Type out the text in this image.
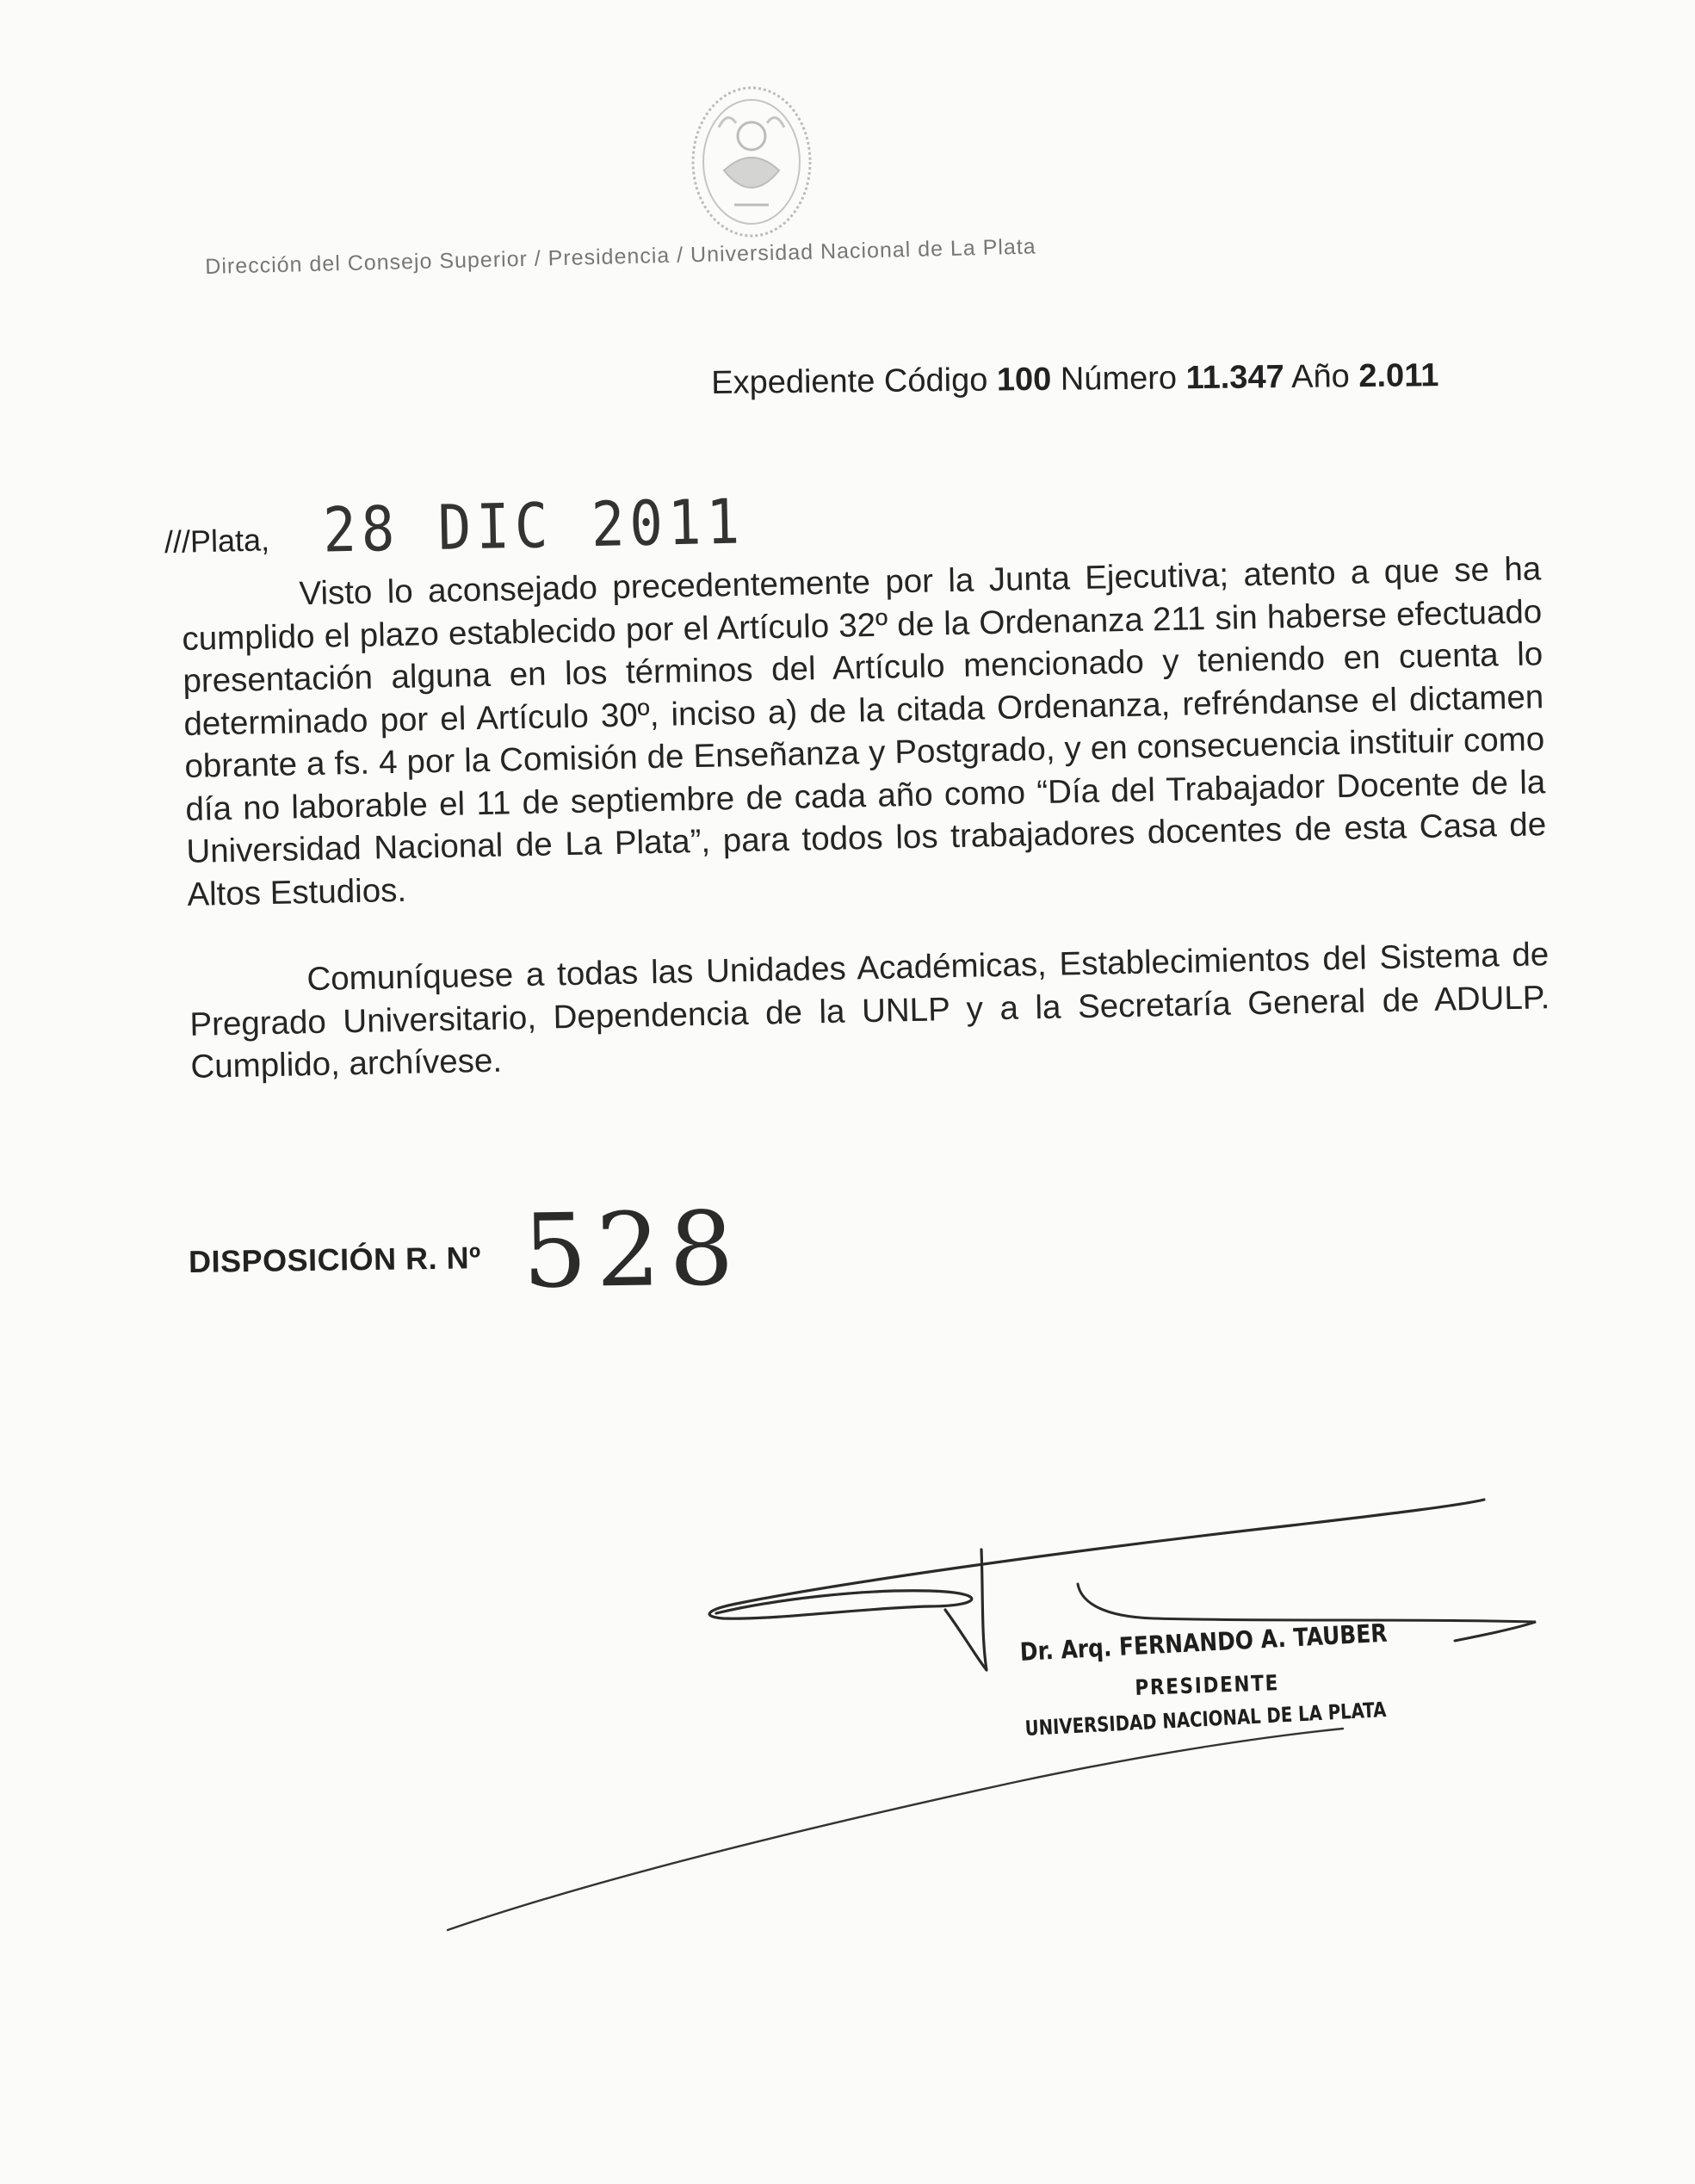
Dirección del Consejo Superior / Presidencia / Universidad Nacional de La Plata
Expediente Código 100 Número 11.347 Año 2.011
///Plata, 28 DIC 2011

Visto lo aconsejado precedentemente por la Junta Ejecutiva; atento a que se ha cumplido el plazo establecido por el Artículo 32º de la Ordenanza 211 sin haberse efectuado presentación alguna en los términos del Artículo mencionado y teniendo en cuenta lo determinado por el Artículo 30º, inciso a) de la citada Ordenanza, refréndanse el dictamen obrante a fs. 4 por la Comisión de Enseñanza y Postgrado, y en consecuencia instituir como día no laborable el 11 de septiembre de cada año como “Día del Trabajador Docente de la Universidad Nacional de La Plata”, para todos los trabajadores docentes de esta Casa de Altos Estudios.

Comuníquese a todas las Unidades Académicas, Establecimientos del Sistema de Pregrado Universitario, Dependencia de la UNLP y a la Secretaría General de ADULP. Cumplido, archívese.

DISPOSICIÓN R. Nº 528
Dr. Arq. FERNANDO A. TAUBER
PRESIDENTE
UNIVERSIDAD NACIONAL DE LA PLATA
